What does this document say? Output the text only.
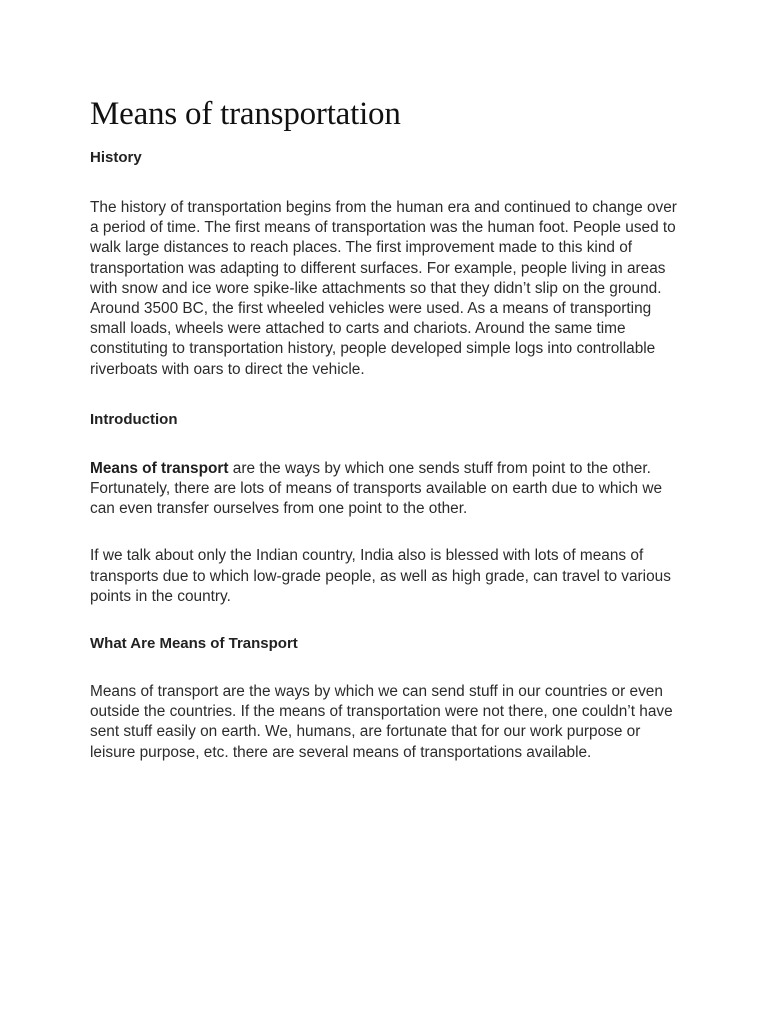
Means of transportation
History

The history of transportation begins from the human era and continued to change over a period of time. The first means of transportation was the human foot. People used to walk large distances to reach places. The first improvement made to this kind of transportation was adapting to different surfaces. For example, people living in areas with snow and ice wore spike-like attachments so that they didn’t slip on the ground. Around 3500 BC, the first wheeled vehicles were used. As a means of transporting small loads, wheels were attached to carts and chariots. Around the same time constituting to transportation history, people developed simple logs into controllable riverboats with oars to direct the vehicle.

Introduction

Means of transport are the ways by which one sends stuff from point to the other. Fortunately, there are lots of means of transports available on earth due to which we can even transfer ourselves from one point to the other.

If we talk about only the Indian country, India also is blessed with lots of means of transports due to which low-grade people, as well as high grade, can travel to various points in the country.

What Are Means of Transport

Means of transport are the ways by which we can send stuff in our countries or even outside the countries. If the means of transportation were not there, one couldn’t have sent stuff easily on earth. We, humans, are fortunate that for our work purpose or leisure purpose, etc. there are several means of transportations available.
